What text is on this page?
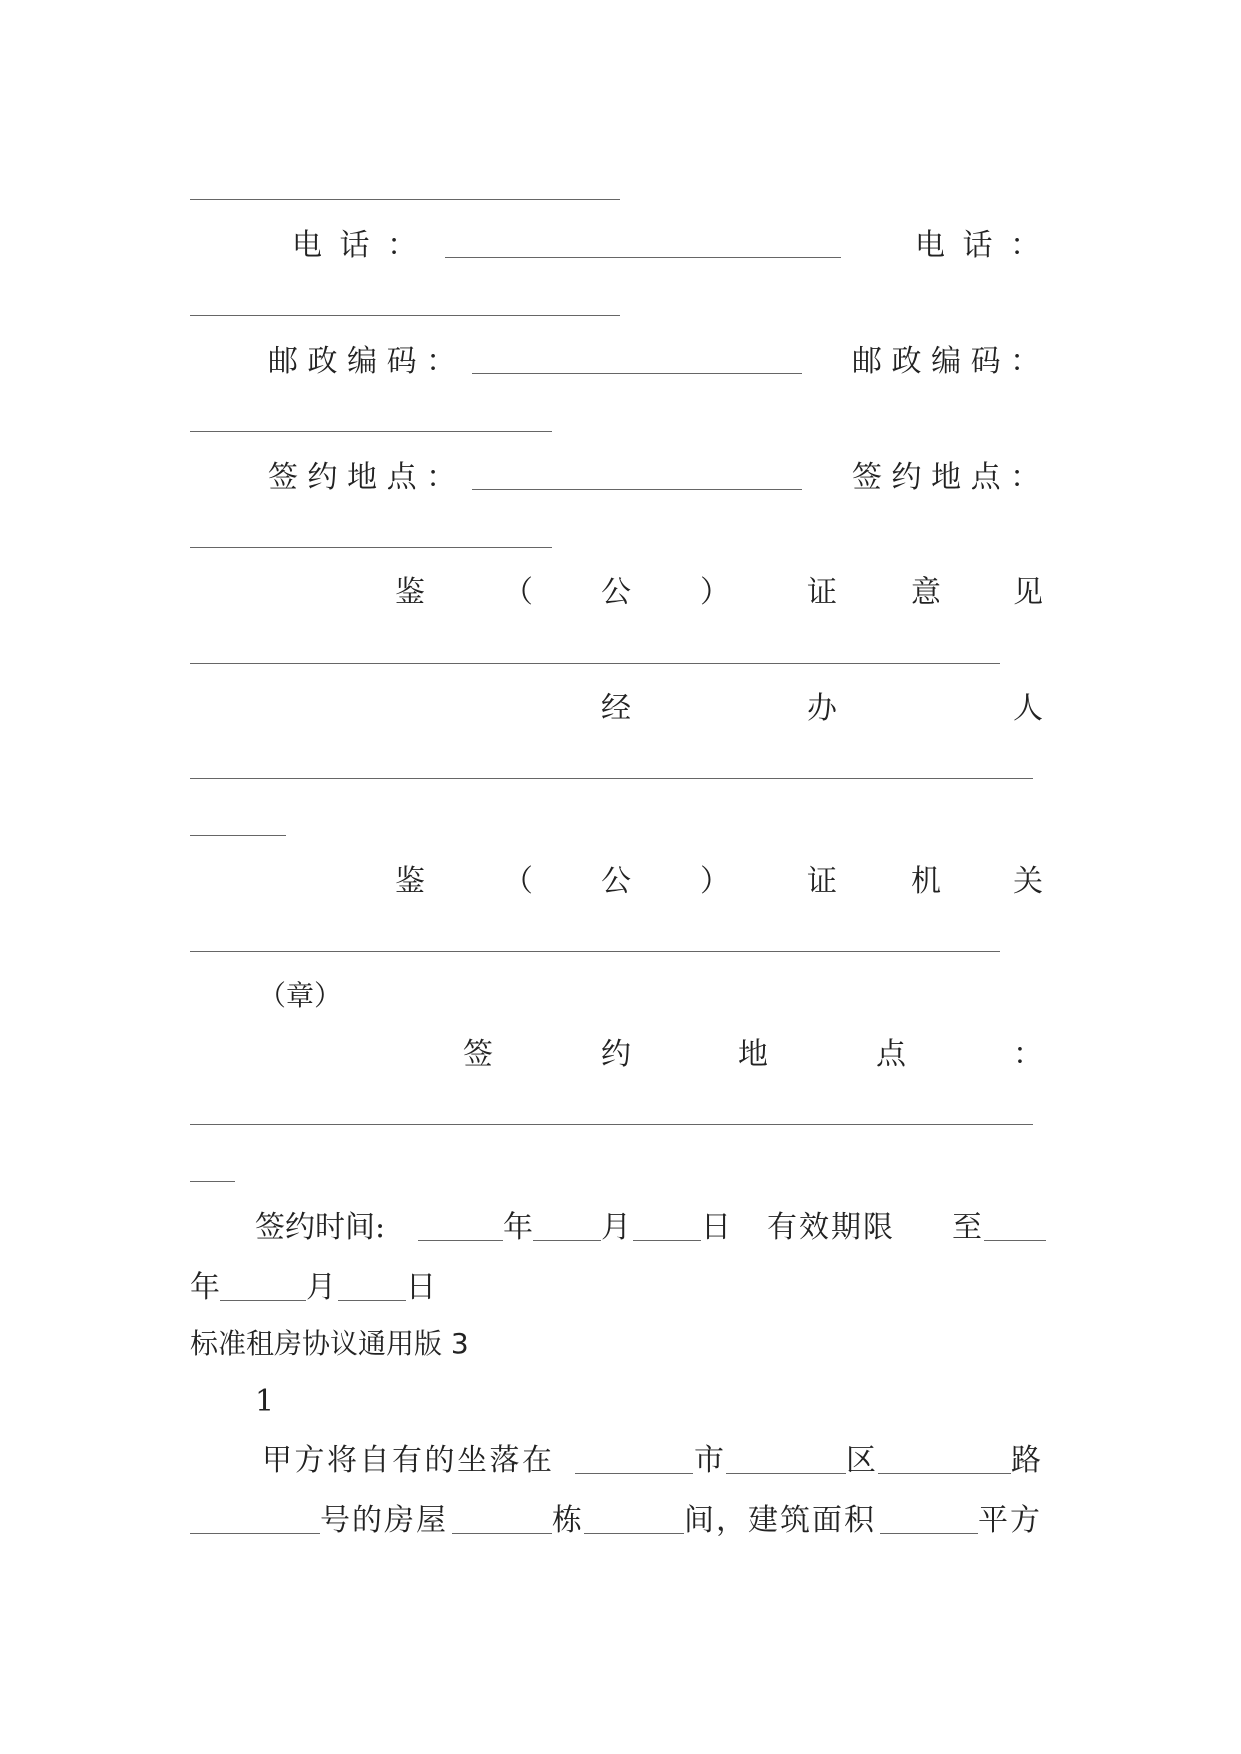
电 话 ：	电 话 ：
邮 政 编 码 ：	邮 政 编 码 ：
签 约 地 点 ：	签 约 地 点 ：
鉴	（ 公 ）	证 意 见
经	办	人
鉴	（ 公 ）	证 机 关
（章）
签	约	地	点	：
签约时间:	年 月 日 有效期限 至
年	月 日
标准租房协议通用版 3
1
甲方将自有的坐落在	市	区	路
号的房屋	栋	间，建筑面积	平方
